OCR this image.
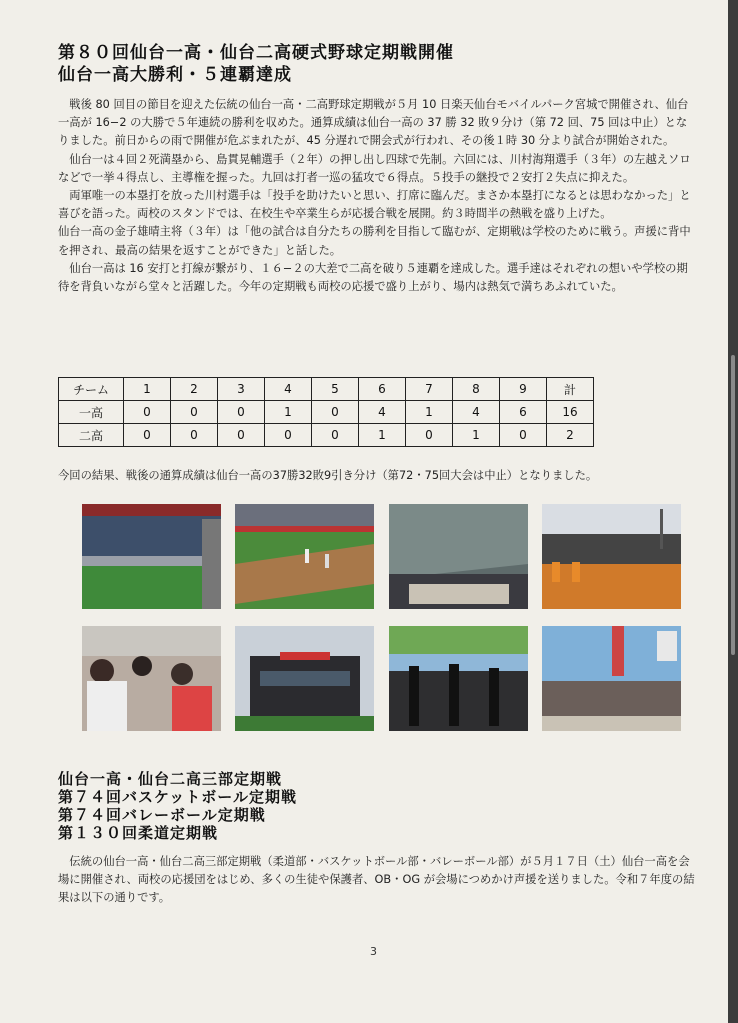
第８０回仙台一高・仙台二高硬式野球定期戦開催
仙台一高大勝利・５連覇達成

戦後 80 回目の節目を迎えた伝統の仙台一高・二高野球定期戦が５月 10 日楽天仙台モバイルパーク宮城で開催され、仙台一高が 16−2 の大勝で５年連続の勝利を収めた。通算成績は仙台一高の 37 勝 32 敗９分け（第 72 回、75 回は中止）となりました。前日からの雨で開催が危ぶまれたが、45 分遅れで開会式が行われ、その後１時 30 分より試合が開始された。

仙台一は４回２死満塁から、島貫晃輔選手（２年）の押し出し四球で先制。六回には、川村海翔選手（３年）の左越えソロなどで一挙４得点し、主導権を握った。九回は打者一巡の猛攻で６得点。５投手の継投で２安打２失点に抑えた。

両軍唯一の本塁打を放った川村選手は「投手を助けたいと思い、打席に臨んだ。まさか本塁打になるとは思わなかった」と喜びを語った。両校のスタンドでは、在校生や卒業生らが応援合戦を展開。約３時間半の熱戦を盛り上げた。

仙台一高の金子雄晴主将（３年）は「他の試合は自分たちの勝利を目指して臨むが、定期戦は学校のために戦う。声援に背中を押され、最高の結果を返すことができた」と話した。

仙台一高は 16 安打と打線が繋がり、１６−２の大差で二高を破り５連覇を達成した。選手達はそれぞれの想いや学校の期待を背負いながら堂々と活躍した。今年の定期戦も両校の応援で盛り上がり、場内は熱気で満ちあふれていた。

チーム	1	2	3	4	5	6	7	8	9	計
一高	0	0	0	1	0	4	1	4	6	16
二高	0	0	0	0	0	1	0	1	0	2
今回の結果、戦後の通算成績は仙台一高の37勝32敗9引き分け（第72・75回大会は中止）となりました。
仙台一高・仙台二高三部定期戦
第７４回バスケットボール定期戦
第７４回バレーボール定期戦
第１３０回柔道定期戦

伝統の仙台一高・仙台二高三部定期戦（柔道部・バスケットボール部・バレーボール部）が５月１７日（土）仙台一高を会場に開催され、両校の応援団をはじめ、多くの生徒や保護者、OB・OG が会場につめかけ声援を送りました。令和７年度の結果は以下の通りです。

3
